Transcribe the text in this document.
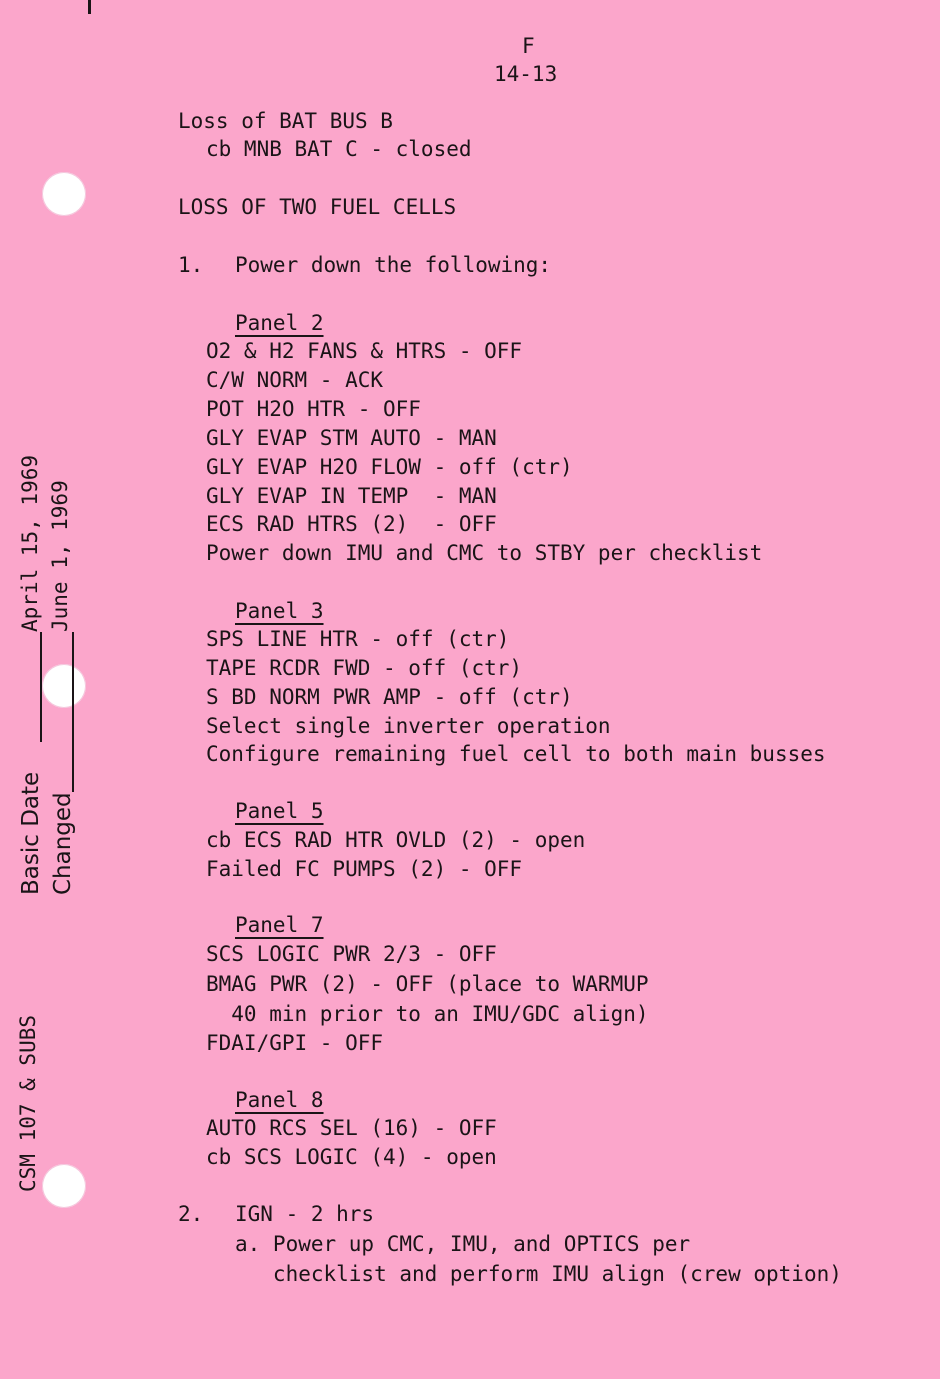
F
14-13
Loss of BAT BUS B
cb MNB BAT C - closed
LOSS OF TWO FUEL CELLS
1. Power down the following:
Panel 2
O2 & H2 FANS & HTRS - OFF
C/W NORM - ACK
POT H2O HTR - OFF
GLY EVAP STM AUTO - MAN
GLY EVAP H2O FLOW - off (ctr)
GLY EVAP IN TEMP  - MAN
ECS RAD HTRS (2)  - OFF
Power down IMU and CMC to STBY per checklist
Panel 3
SPS LINE HTR - off (ctr)
TAPE RCDR FWD - off (ctr)
S BD NORM PWR AMP - off (ctr)
Select single inverter operation
Configure remaining fuel cell to both main busses
Panel 5
cb ECS RAD HTR OVLD (2) - open
Failed FC PUMPS (2) - OFF
Panel 7
SCS LOGIC PWR 2/3 - OFF
BMAG PWR (2) - OFF (place to WARMUP
40 min prior to an IMU/GDC align)
FDAI/GPI - OFF
Panel 8
AUTO RCS SEL (16) - OFF
cb SCS LOGIC (4) - open
2. IGN - 2 hrs
a. Power up CMC, IMU, and OPTICS per
checklist and perform IMU align (crew option)
Basic Date
April 15, 1969
Changed
June 1, 1969
CSM 107 & SUBS
